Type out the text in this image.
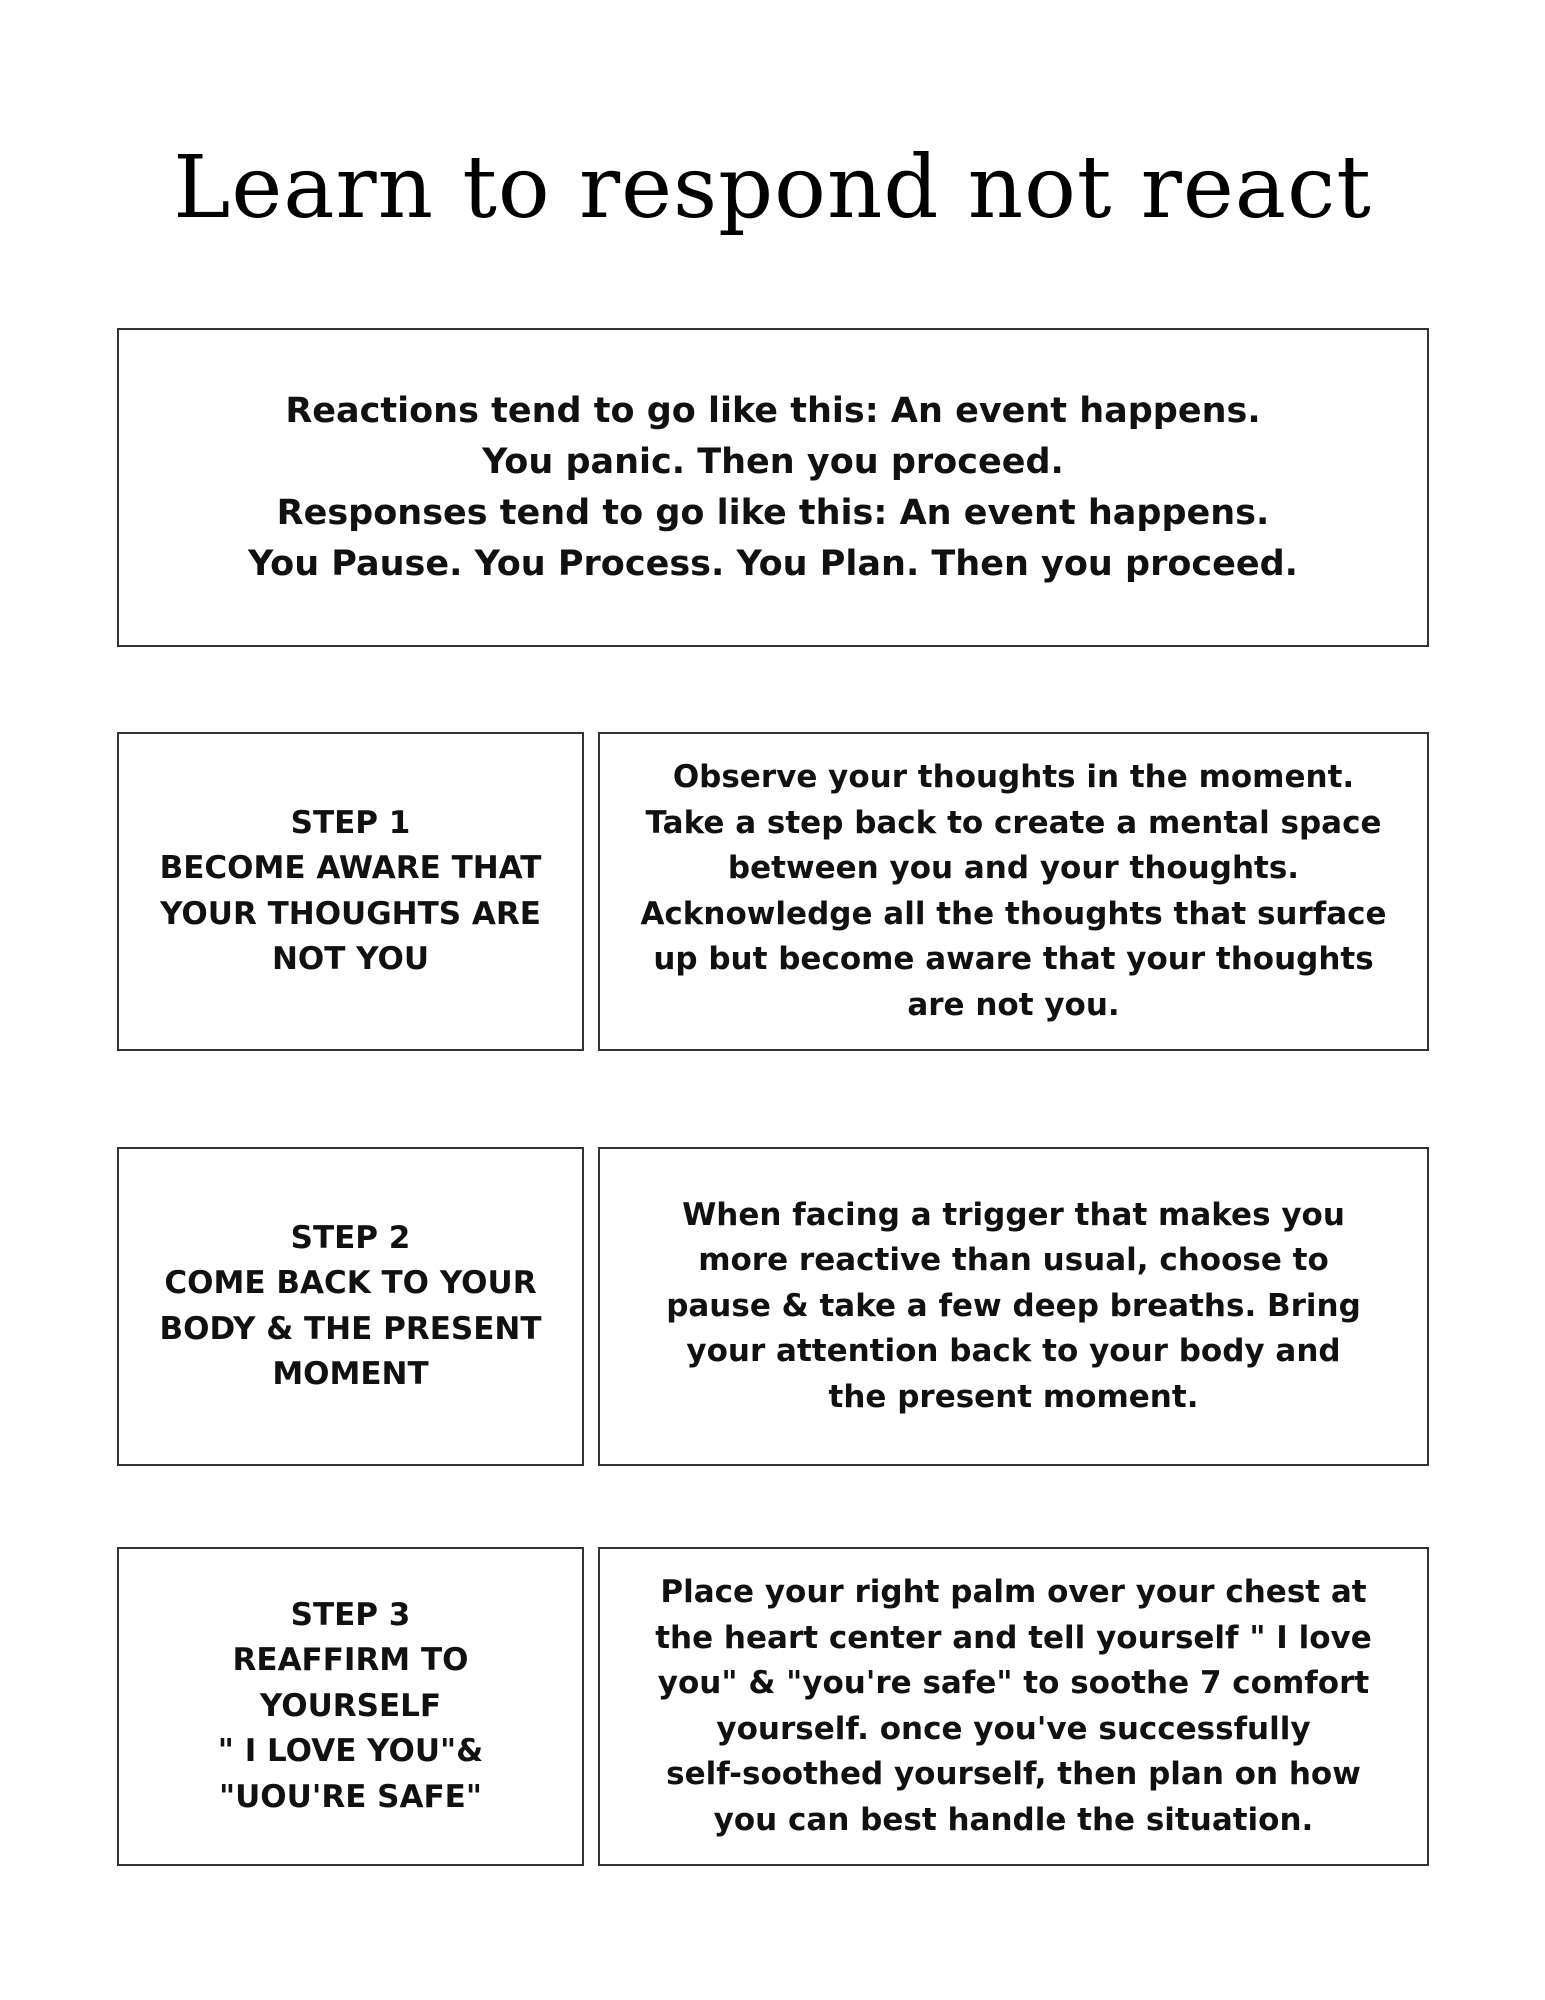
Learn to respond not react
Reactions tend to go like this: An event happens.
You panic. Then you proceed.
Responses tend to go like this: An event happens.
You Pause. You Process. You Plan. Then you proceed.
STEP 1
BECOME AWARE THAT
YOUR THOUGHTS ARE
NOT YOU
Observe your thoughts in the moment.
Take a step back to create a mental space
between you and your thoughts.
Acknowledge all the thoughts that surface
up but become aware that your thoughts
are not you.
STEP 2
COME BACK TO YOUR
BODY & THE PRESENT
MOMENT
When facing a trigger that makes you
more reactive than usual, choose to
pause & take a few deep breaths. Bring
your attention back to your body and
the present moment.
STEP 3
REAFFIRM TO
YOURSELF
" I LOVE YOU"&
"UOU'RE SAFE"
Place your right palm over your chest at
the heart center and tell yourself " I love
you" & "you're safe" to soothe 7 comfort
yourself. once you've successfully
self-soothed yourself, then plan on how
you can best handle the situation.
